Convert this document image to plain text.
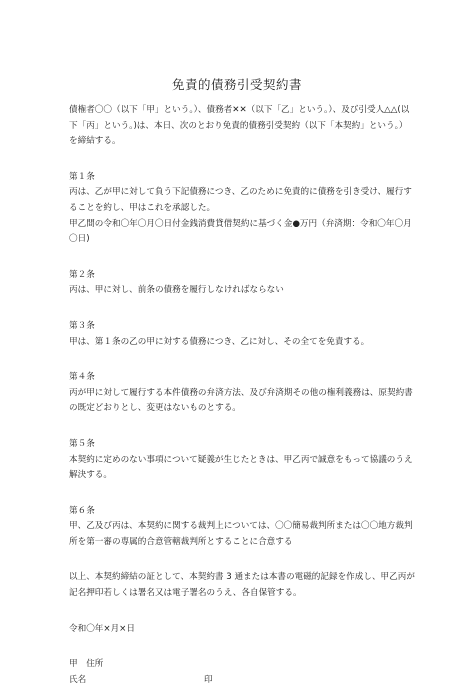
免責的債務引受契約書

債権者〇〇（以下「甲」という。）、債務者✕✕（以下「乙」という。）、及び引受人△△(以下「丙」という。)は、本日、次のとおり免責的債務引受契約（以下「本契約」という。）を締結する。

第１条

丙は、乙が甲に対して負う下記債務につき、乙のために免責的に債務を引き受け、履行することを約し、甲はこれを承認した。

甲乙間の令和〇年〇月〇日付金銭消費貸借契約に基づく金●万円（弁済期：令和〇年〇月〇日)

第２条

丙は、甲に対し、前条の債務を履行しなければならない

第３条

甲は、第１条の乙の甲に対する債務につき、乙に対し、その全てを免責する。

第４条

丙が甲に対して履行する本件債務の弁済方法、及び弁済期その他の権利義務は、原契約書の既定どおりとし、変更はないものとする。

第５条

本契約に定めのない事項について疑義が生じたときは、甲乙丙で誠意をもって協議のうえ解決する。

第６条

甲、乙及び丙は、本契約に関する裁判上については、〇〇簡易裁判所または〇〇地方裁判所を第一審の専属的合意管轄裁判所とすることに合意する

以上、本契約締結の証として、本契約書 3 通または本書の電磁的記録を作成し、甲乙丙が記名押印若しくは署名又は電子署名のうえ、各自保管する。

令和〇年×月×日

甲　住所

氏名	印
